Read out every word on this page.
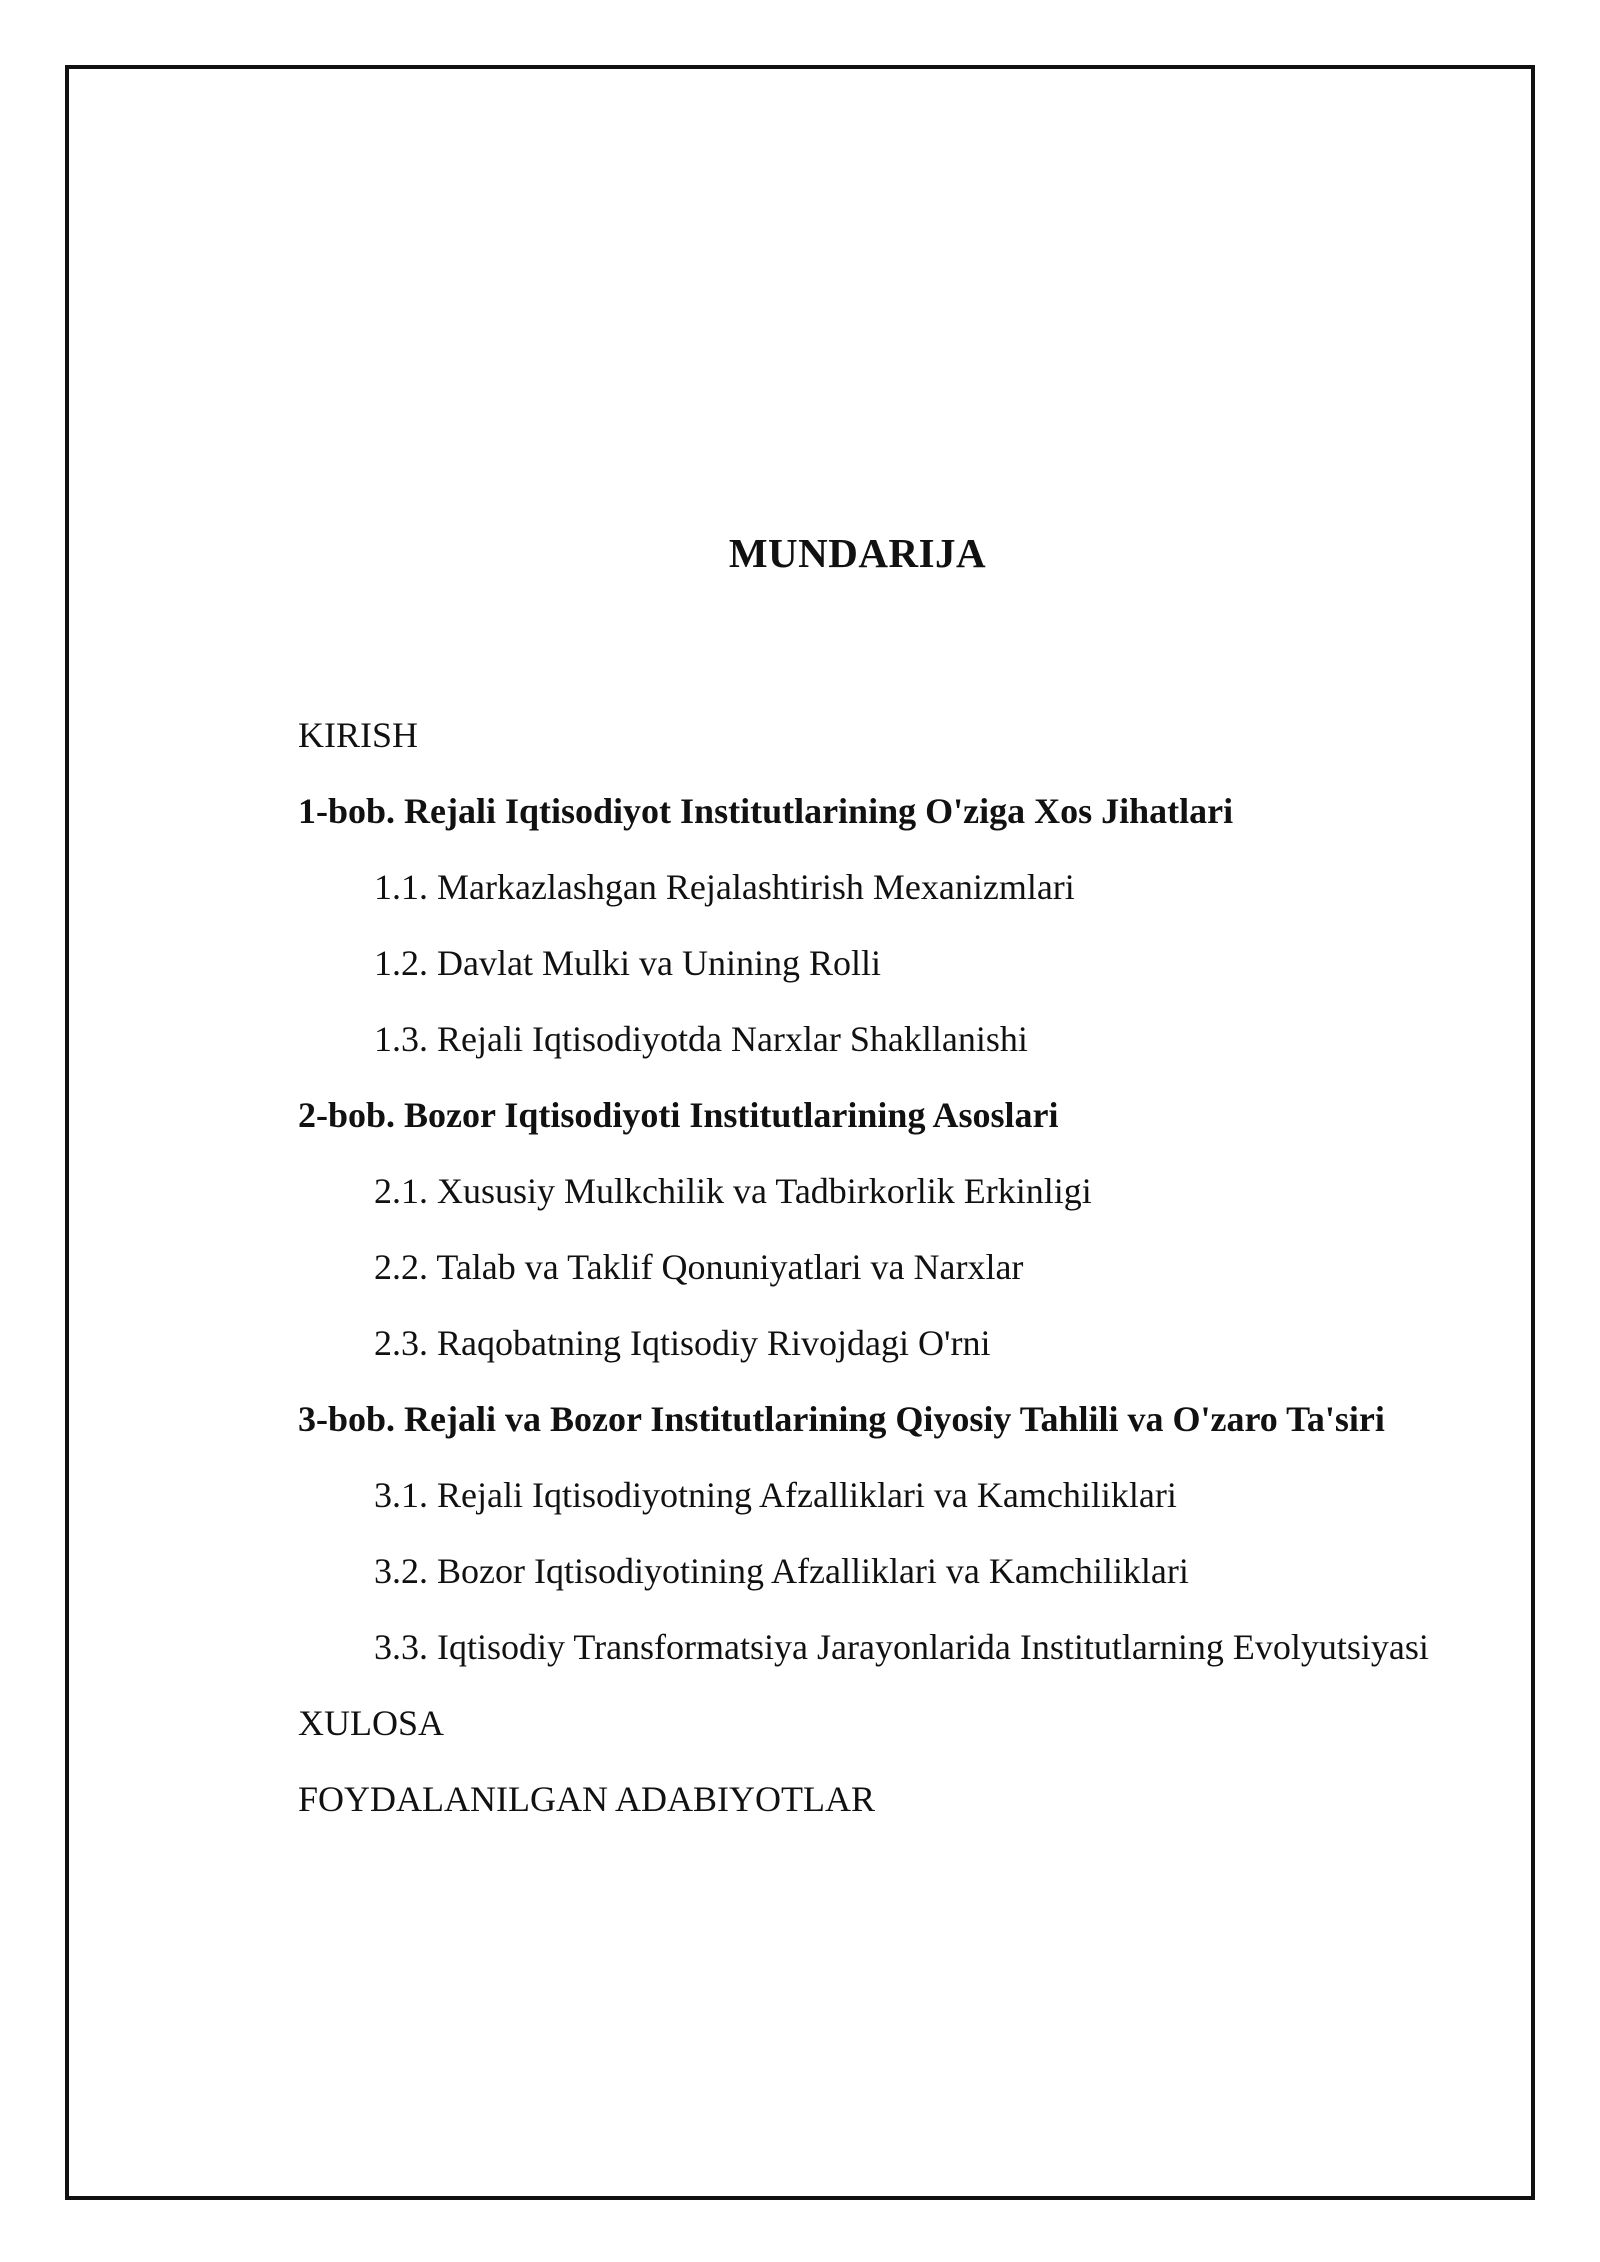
MUNDARIJA
KIRISH
1-bob. Rejali Iqtisodiyot Institutlarining O'ziga Xos Jihatlari
1.1. Markazlashgan Rejalashtirish Mexanizmlari
1.2. Davlat Mulki va Unining Rolli
1.3. Rejali Iqtisodiyotda Narxlar Shakllanishi
2-bob. Bozor Iqtisodiyoti Institutlarining Asoslari
2.1. Xususiy Mulkchilik va Tadbirkorlik Erkinligi
2.2. Talab va Taklif Qonuniyatlari va Narxlar
2.3. Raqobatning Iqtisodiy Rivojdagi O'rni
3-bob. Rejali va Bozor Institutlarining Qiyosiy Tahlili va O'zaro Ta'siri
3.1. Rejali Iqtisodiyotning Afzalliklari va Kamchiliklari
3.2. Bozor Iqtisodiyotining Afzalliklari va Kamchiliklari
3.3. Iqtisodiy Transformatsiya Jarayonlarida Institutlarning Evolyutsiyasi
XULOSA
FOYDALANILGAN ADABIYOTLAR
